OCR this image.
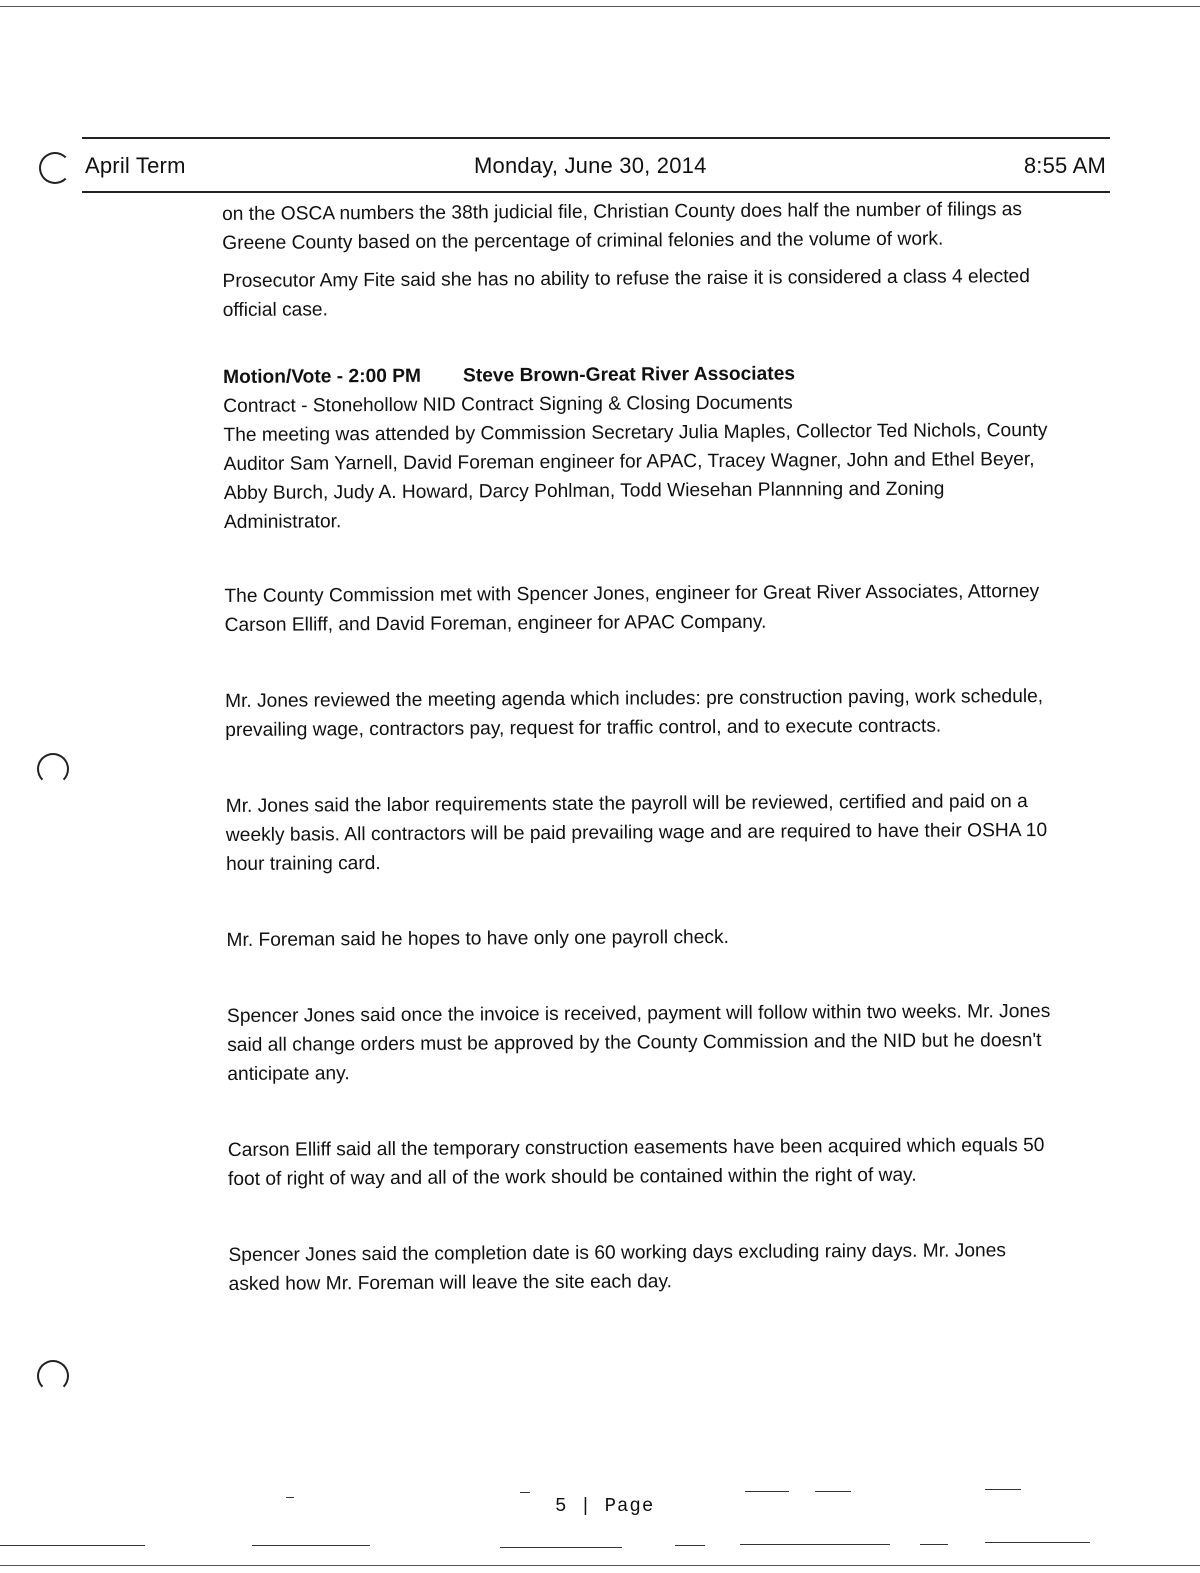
April Term	Monday, June 30, 2014	8:55 AM

on the OSCA numbers the 38th judicial file, Christian County does half the number of filings as Greene County based on the percentage of criminal felonies and the volume of work.

Prosecutor Amy Fite said she has no ability to refuse the raise it is considered a class 4 elected official case.

Motion/Vote - 2:00 PM Steve Brown-Great River Associates

Contract - Stonehollow NID Contract Signing & Closing Documents

The meeting was attended by Commission Secretary Julia Maples, Collector Ted Nichols, County Auditor Sam Yarnell, David Foreman engineer for APAC, Tracey Wagner, John and Ethel Beyer, Abby Burch, Judy A. Howard, Darcy Pohlman, Todd Wiesehan Plannning and Zoning Administrator.

The County Commission met with Spencer Jones, engineer for Great River Associates, Attorney Carson Elliff, and David Foreman, engineer for APAC Company.

Mr. Jones reviewed the meeting agenda which includes: pre construction paving, work schedule, prevailing wage, contractors pay, request for traffic control, and to execute contracts.

Mr. Jones said the labor requirements state the payroll will be reviewed, certified and paid on a weekly basis. All contractors will be paid prevailing wage and are required to have their OSHA 10 hour training card.

Mr. Foreman said he hopes to have only one payroll check.

Spencer Jones said once the invoice is received, payment will follow within two weeks. Mr. Jones said all change orders must be approved by the County Commission and the NID but he doesn't anticipate any.

Carson Elliff said all the temporary construction easements have been acquired which equals 50 foot of right of way and all of the work should be contained within the right of way.

Spencer Jones said the completion date is 60 working days excluding rainy days. Mr. Jones asked how Mr. Foreman will leave the site each day.

5 | Page
